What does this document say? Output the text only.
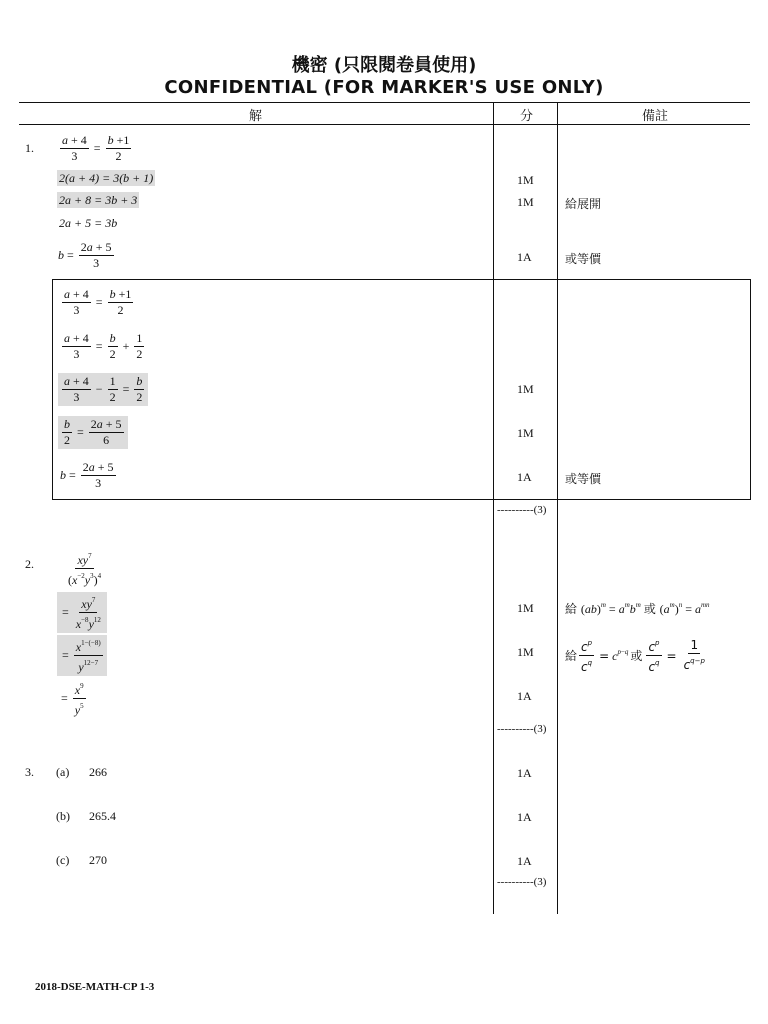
機密 (只限閱卷員使用)
CONFIDENTIAL (FOR MARKER'S USE ONLY)
解	分	備註
1. $\frac{a + 4}{3} = \frac{b +1}{2}$
2(a + 4) = 3(b + 1)	1M
2a + 8 = 3b + 3	1M	給展開
2a + 5 = 3b
$b = \frac{2a + 5}{3}$	1A	或等價
$\frac{a + 4}{3} = \frac{b +1}{2}$
$\frac{a + 4}{3} = \frac{b}{2} + \frac{1}{2}$
$\frac{a + 4}{3} - \frac{1}{2} = \frac{b}{2}$	1M
$\frac{b}{2} = \frac{2a + 5}{6}$	1M
$b = \frac{2a + 5}{3}$	1A	或等價
----------(3)
2.	$\frac{xy^7}{(x^{-2}y^3)^4}$
= $\frac{xy^7}{x^{-8}y^{12}}$	1M	給 $(ab)^m = a^mb^m$ 或 $(a^m)^n = a^{mn}$
= $\frac{x^{1-(-8)}}{y^{12-7}}$	1M	給 $\frac{c^p}{c^q} = c^{p-q}$ 或 $\frac{c^p}{c^q} = \frac{1}{c^{q-p}}$
= $\frac{x^9}{y^5}$	1A
----------(3)
3. (a) 266	1A
(b) 265.4	1A
(c) 270	1A
----------(3)
2018-DSE-MATH-CP 1-3
